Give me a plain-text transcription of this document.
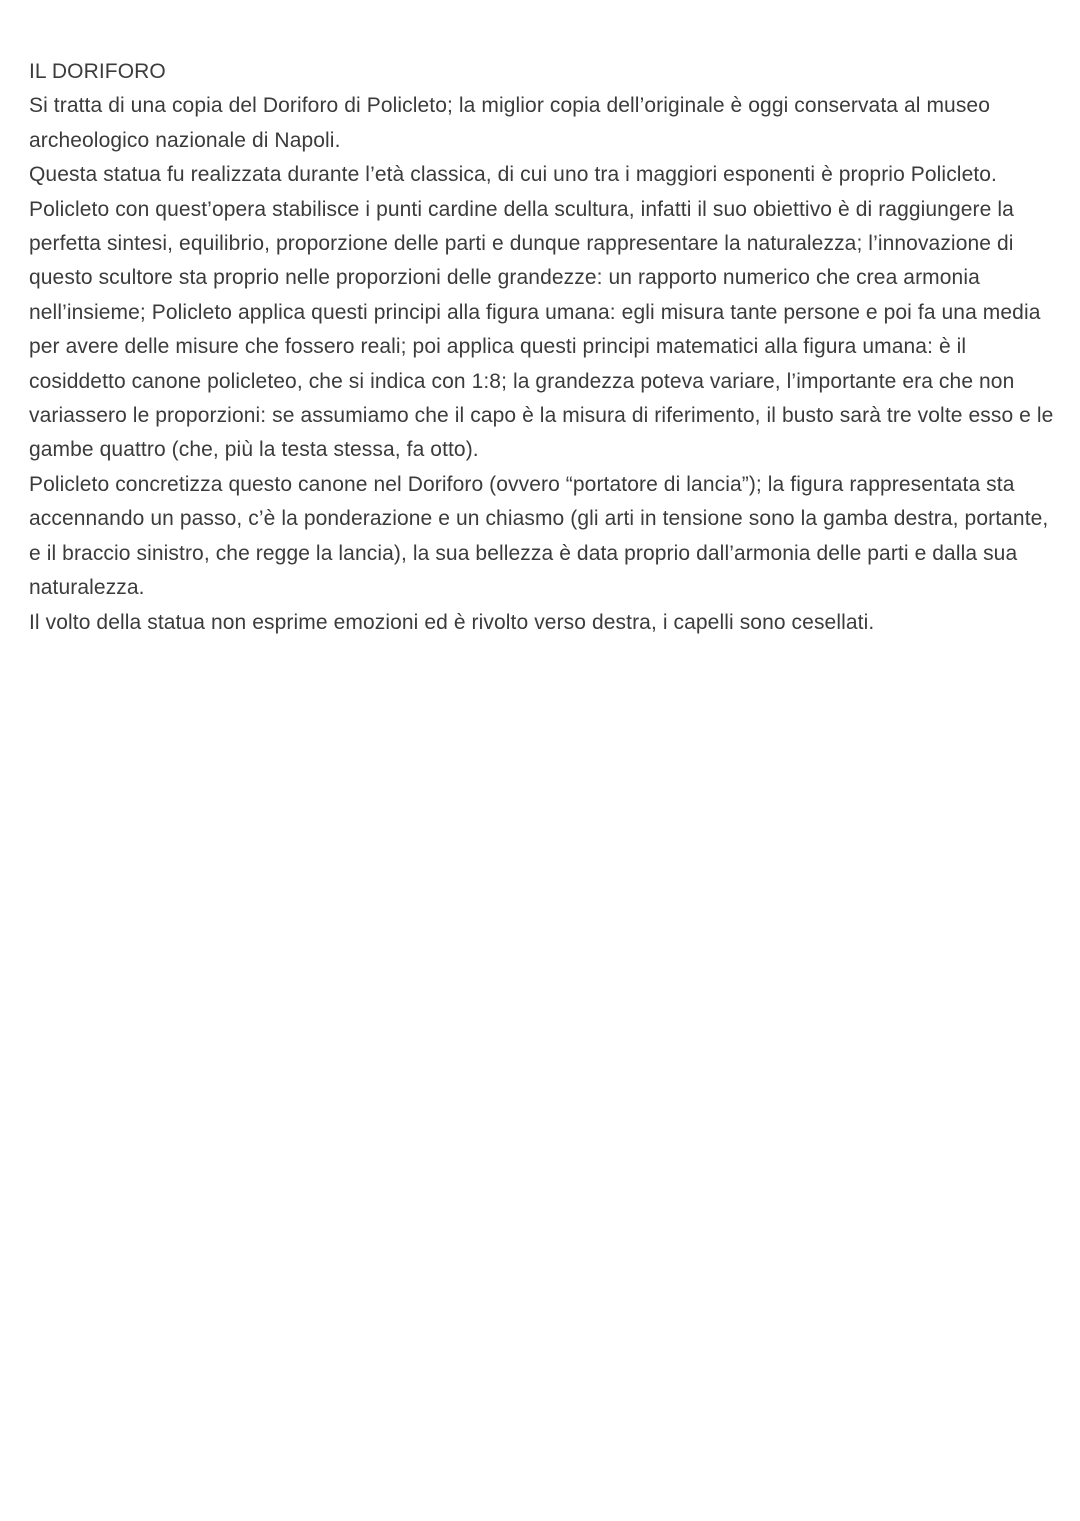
IL DORIFORO

Si tratta di una copia del Doriforo di Policleto; la miglior copia dell’originale è oggi conservata al museo archeologico nazionale di Napoli.

Questa statua fu realizzata durante l’età classica, di cui uno tra i maggiori esponenti è proprio Policleto.

Policleto con quest’opera stabilisce i punti cardine della scultura, infatti il suo obiettivo è di raggiungere la perfetta sintesi, equilibrio, proporzione delle parti e dunque rappresentare la naturalezza; l’innovazione di questo scultore sta proprio nelle proporzioni delle grandezze: un rapporto numerico che crea armonia nell’insieme; Policleto applica questi principi alla figura umana: egli misura tante persone e poi fa una media per avere delle misure che fossero reali; poi applica questi principi matematici alla figura umana: è il cosiddetto canone policleteo, che si indica con 1:8; la grandezza poteva variare, l’importante era che non variassero le proporzioni: se assumiamo che il capo è la misura di riferimento, il busto sarà tre volte esso e le gambe quattro (che, più la testa stessa, fa otto).

Policleto concretizza questo canone nel Doriforo (ovvero “portatore di lancia”); la figura rappresentata sta accennando un passo, c’è la ponderazione e un chiasmo (gli arti in tensione sono la gamba destra, portante, e il braccio sinistro, che regge la lancia), la sua bellezza è data proprio dall’armonia delle parti e dalla sua naturalezza.

Il volto della statua non esprime emozioni ed è rivolto verso destra, i capelli sono cesellati.
